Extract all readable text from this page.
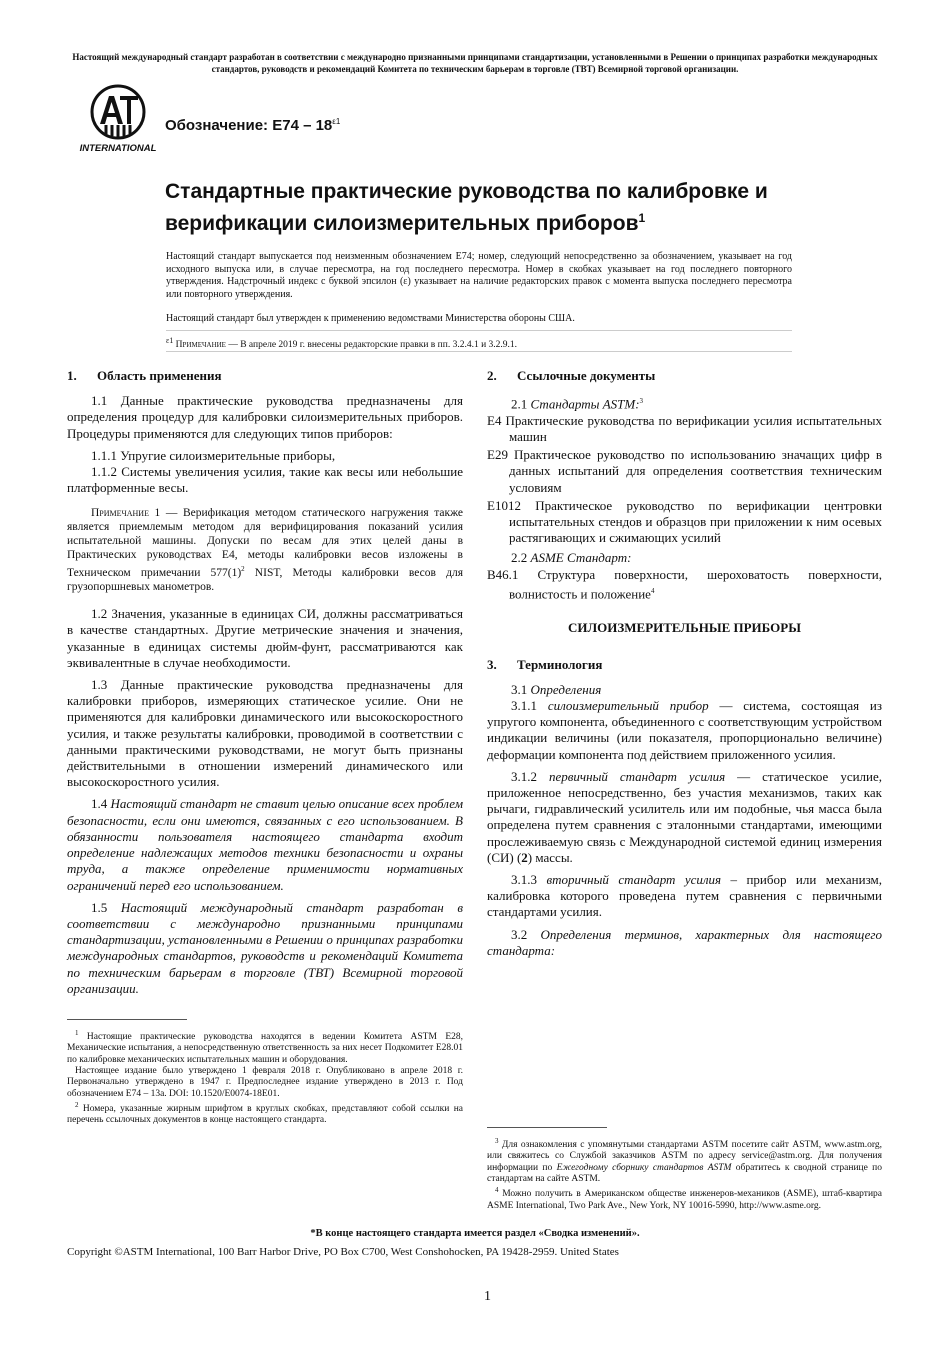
Настоящий международный стандарт разработан в соответствии с международно признанными принципами стандартизации, установленными в Решении о принципах разработки международных стандартов, руководств и рекомендаций Комитета по техническим барьерам в торговле (ТВТ) Всемирной торговой организации.
INTERNATIONAL
Обозначение: $E74 - 18^{\varepsilon 1}$
Стандартные практические руководства по калибровке и верификации силоизмерительных приборов$^1$
Настоящий стандарт выпускается под неизменным обозначением E74; номер, следующий непосредственно за обозначением, указывает на год исходного выпуска или, в случае пересмотра, на год последнего пересмотра. Номер в скобках указывает на год последнего повторного утверждения. Надстрочный индекс с буквой эпсилон (ε) указывает на наличие редакторских правок с момента выпуска последнего пересмотра или повторного утверждения.
Настоящий стандарт был утвержден к применению ведомствами Министерства обороны США.
$^{\varepsilon 1}$ Примечание — В апреле 2019 г. внесены редакторские правки в пп. 3.2.4.1 и 3.2.9.1.
1. Область применения

1.1 Данные практические руководства предназначены для определения процедур для калибровки силоизмерительных приборов. Процедуры применяются для следующих типов приборов:

1.1.1 Упругие силоизмерительные приборы,

1.1.2 Системы увеличения усилия, такие как весы или небольшие платформенные весы.

Примечание 1 — Верификация методом статического нагружения также является приемлемым методом для верифицирования показаний усилия испытательной машины. Допуски по весам для этих целей даны в Практических руководствах E4, методы калибровки весов изложены в Техническом примечании $577(1)^2$ NIST, Методы калибровки весов для грузопоршневых манометров.

1.2 Значения, указанные в единицах СИ, должны рассматриваться в качестве стандартных. Другие метрические значения и значения, указанные в единицах системы дюйм-фунт, рассматриваются как эквивалентные в случае необходимости.

1.3 Данные практические руководства предназначены для калибровки приборов, измеряющих статическое усилие. Они не применяются для калибровки динамического или высокоскоростного усилия, и также результаты калибровки, проводимой в соответствии с данными практическими руководствами, не могут быть признаны действительными в отношении измерений динамического или высокоскоростного усилия.

1.4 Настоящий стандарт не ставит целью описание всех проблем безопасности, если они имеются, связанных с его использованием. В обязанности пользователя настоящего стандарта входит определение надлежащих методов техники безопасности и охраны труда, а также определение применимости нормативных ограничений перед его использованием.

1.5 Настоящий международный стандарт разработан в соответствии с международно признанными принципами стандартизации, установленными в Решении о принципах разработки международных стандартов, руководств и рекомендаций Комитета по техническим барьерам в торговле (ТВТ) Всемирной торговой организации.

$^1$ Настоящие практические руководства находятся в ведении Комитета ASTM E28, Механические испытания, а непосредственную ответственность за них несет Подкомитет E28.01 по калибровке механических испытательных машин и оборудования.

Настоящее издание было утверждено 1 февраля 2018 г. Опубликовано в апреле 2018 г. Первоначально утверждено в 1947 г. Предпоследнее издание утверждено в 2013 г. Под обозначением E74 – 13a. DOI: 10.1520/E0074-18E01.

$^2$ Номера, указанные жирным шрифтом в круглых скобках, представляют собой ссылки на перечень ссылочных документов в конце настоящего стандарта.

2. Ссылочные документы

2.1 Стандарты ASTM:$^3$

E4 Практические руководства по верификации усилия испытательных машин

E29 Практическое руководство по использованию значащих цифр в данных испытаний для определения соответствия техническим условиям

E1012 Практическое руководство по верификации центровки испытательных стендов и образцов при приложении к ним осевых растягивающих и сжимающих усилий

2.2 ASME Стандарт:

B46.1 Структура поверхности, шероховатость поверхности, волнистость и положение$^4$

СИЛОИЗМЕРИТЕЛЬНЫЕ ПРИБОРЫ
3. Терминология

3.1 Определения

3.1.1 силоизмерительный прибор — система, состоящая из упругого компонента, объединенного с соответствующим устройством индикации величины (или показателя, пропорционально величине) деформации компонента под действием приложенного усилия.

3.1.2 первичный стандарт усилия — статическое усилие, приложенное непосредственно, без участия механизмов, таких как рычаги, гидравлический усилитель или им подобные, чья масса была определена путем сравнения с эталонными стандартами, имеющими прослеживаемую связь с Международной системой единиц измерения (СИ) (2) массы.

3.1.3 вторичный стандарт усилия – прибор или механизм, калибровка которого проведена путем сравнения с первичными стандартами усилия.

3.2 Определения терминов, характерных для настоящего стандарта:

$^3$ Для ознакомления с упомянутыми стандартами ASTM посетите сайт ASTM, www.astm.org, или свяжитесь со Службой заказчиков ASTM по адресу service@astm.org. Для получения информации по Ежегодному сборнику стандартов ASTM обратитесь к сводной странице по стандартам на сайте ASTM.

$^4$ Можно получить в Американском обществе инженеров-механиков (ASME), штаб-квартира ASME International, Two Park Ave., New York, NY 10016-5990, http://www.asme.org.

*В конце настоящего стандарта имеется раздел «Сводка изменений».
Copyright ©ASTM International, 100 Barr Harbor Drive, PO Box C700, West Conshohocken, PA 19428-2959. United States
1
